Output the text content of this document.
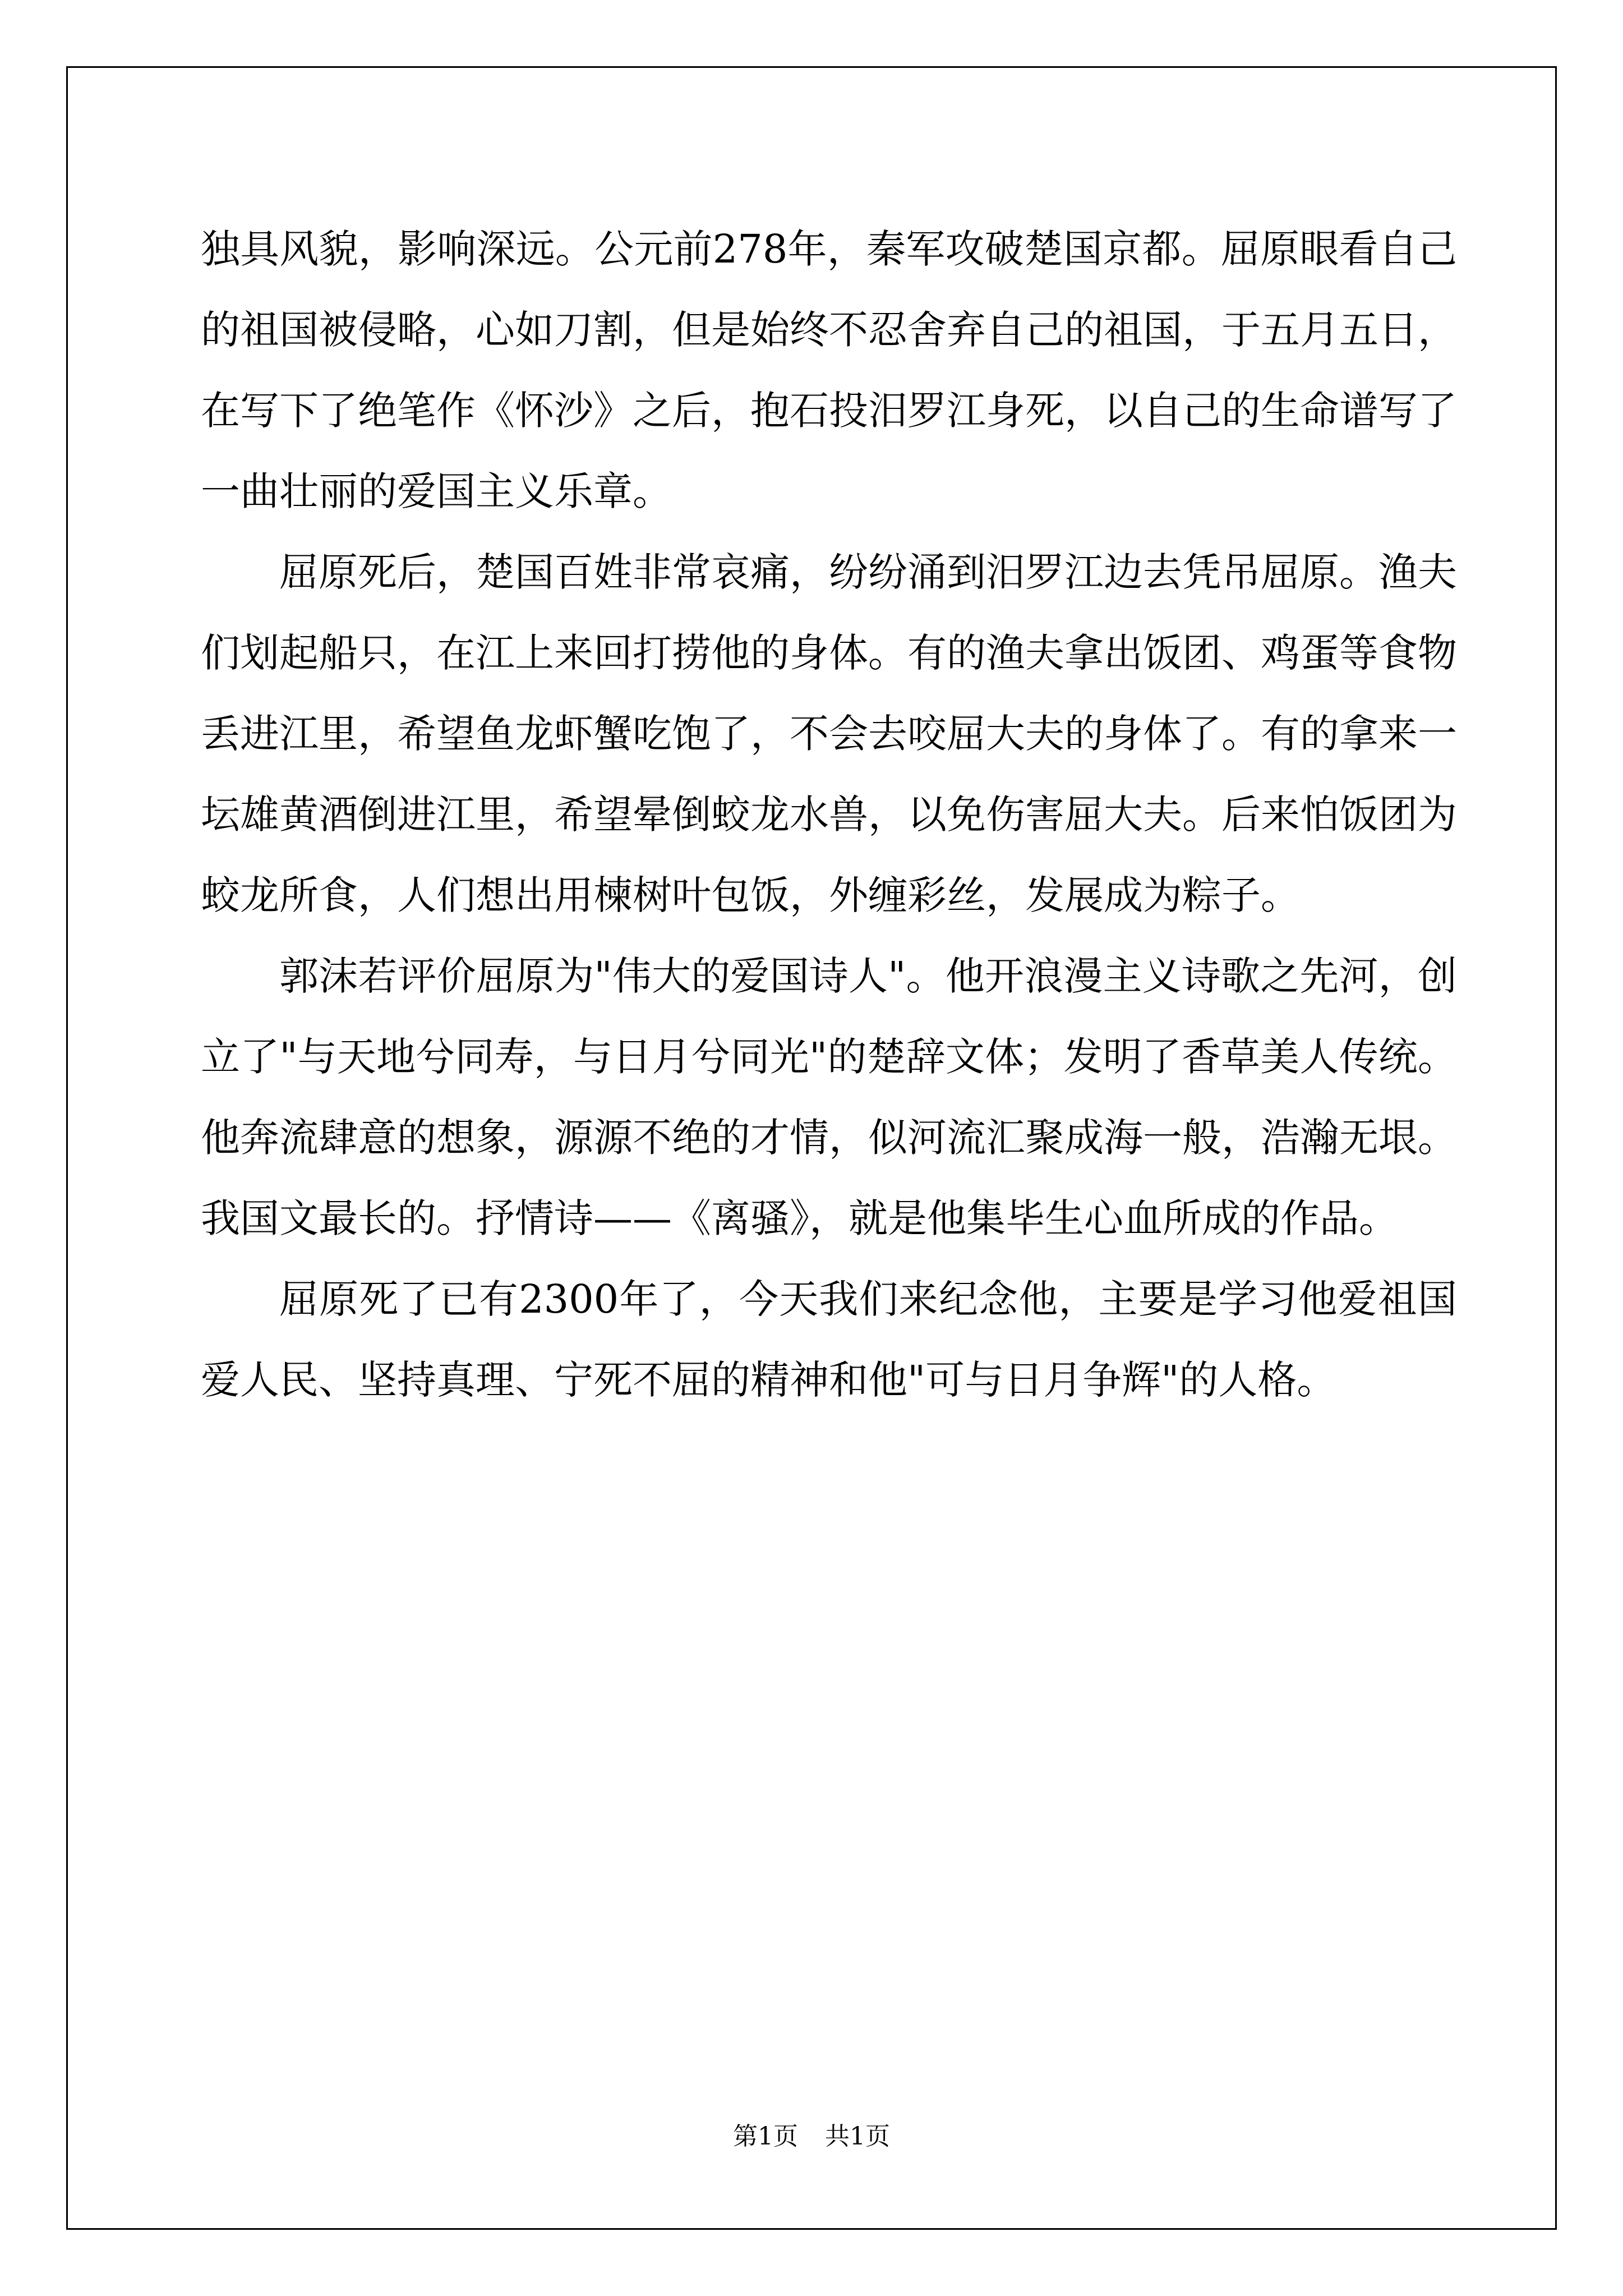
独具风貌，影响深远。公元前278年，秦军攻破楚国京都。屈原眼看自己的祖国被侵略，心如刀割，但是始终不忍舍弃自己的祖国，于五月五日，在写下了绝笔作《怀沙》之后，抱石投汨罗江身死，以自己的生命谱写了一曲壮丽的爱国主义乐章。

屈原死后，楚国百姓非常哀痛，纷纷涌到汨罗江边去凭吊屈原。渔夫们划起船只，在江上来回打捞他的身体。有的渔夫拿出饭团、鸡蛋等食物丢进江里，希望鱼龙虾蟹吃饱了，不会去咬屈大夫的身体了。有的拿来一坛雄黄酒倒进江里，希望晕倒蛟龙水兽，以免伤害屈大夫。后来怕饭团为蛟龙所食，人们想出用楝树叶包饭，外缠彩丝，发展成为粽子。

郭沫若评价屈原为"伟大的爱国诗人"。他开浪漫主义诗歌之先河，创立了"与天地兮同寿，与日月兮同光"的楚辞文体；发明了香草美人传统。他奔流肆意的想象，源源不绝的才情，似河流汇聚成海一般，浩瀚无垠。我国文最长的。抒情诗——《离骚》，就是他集毕生心血所成的作品。

屈原死了已有2300年了，今天我们来纪念他，主要是学习他爱祖国爱人民、坚持真理、宁死不屈的精神和他"可与日月争辉"的人格。

第1页 共1页
